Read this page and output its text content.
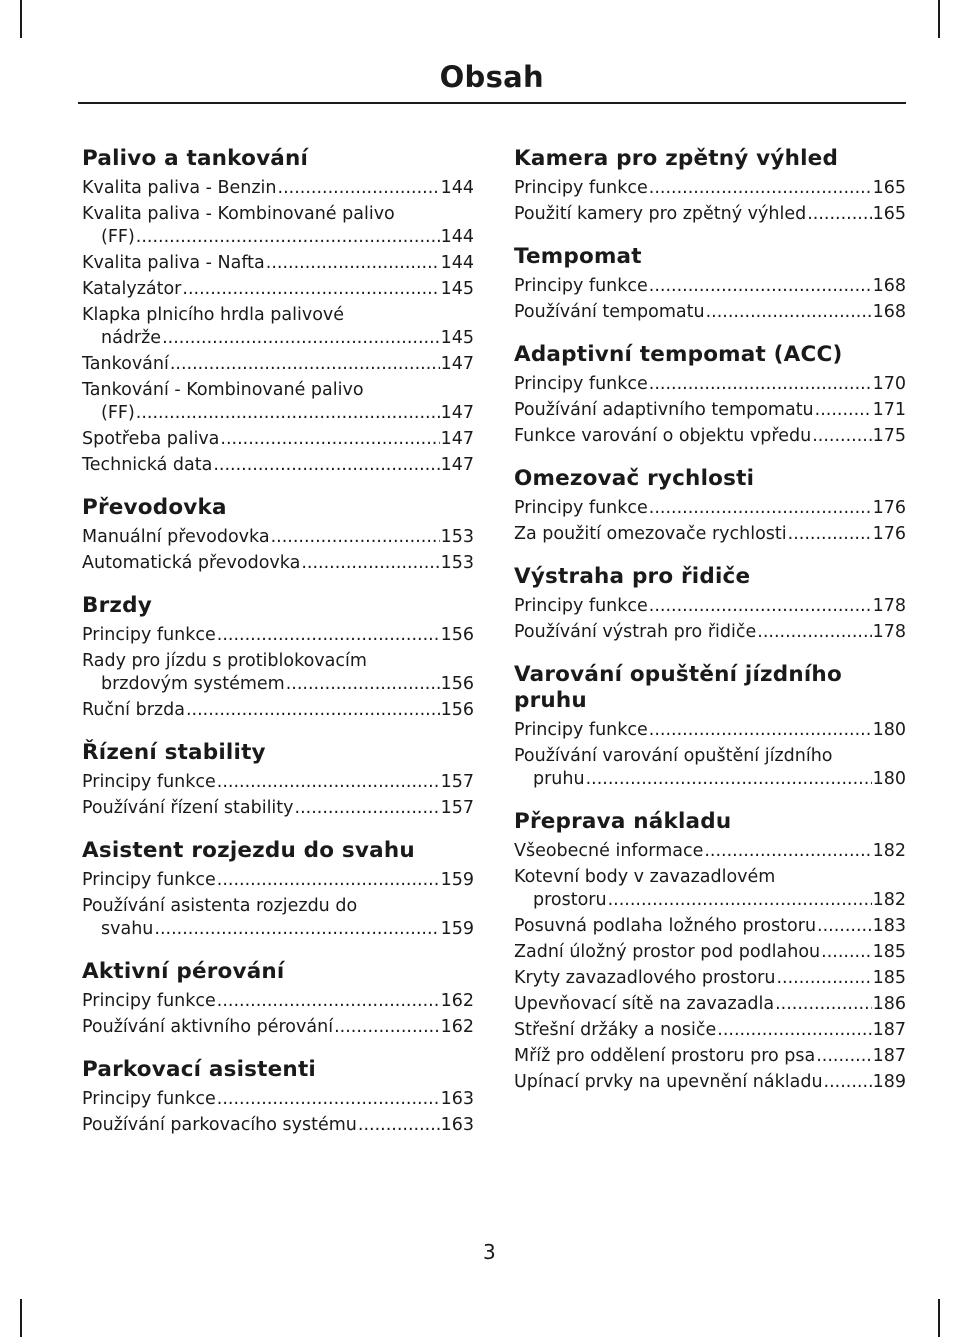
Obsah
Palivo a tankování
Kvalita paliva - Benzin .....	144
Kvalita paliva - Kombinované palivo
(FF) .....	144
Kvalita paliva - Nafta .....	144
Katalyzátor .....	145
Klapka plnicího hrdla palivové
nádrže .....	145
Tankování .....	147
Tankování - Kombinované palivo
(FF) .....	147
Spotřeba paliva .....	147
Technická data .....	147
Převodovka
Manuální převodovka .....	153
Automatická převodovka .....	153
Brzdy
Principy funkce .....	156
Rady pro jízdu s protiblokovacím
brzdovým systémem .....	156
Ruční brzda .....	156
Řízení stability
Principy funkce .....	157
Používání řízení stability .....	157
Asistent rozjezdu do svahu
Principy funkce .....	159
Používání asistenta rozjezdu do
svahu .....	159
Aktivní pérování
Principy funkce .....	162
Používání aktivního pérování .....	162
Parkovací asistenti
Principy funkce .....	163
Používání parkovacího systému .....	163
Kamera pro zpětný výhled
Principy funkce .....	165
Použití kamery pro zpětný výhled .....	165
Tempomat
Principy funkce .....	168
Používání tempomatu .....	168
Adaptivní tempomat (ACC)
Principy funkce .....	170
Používání adaptivního tempomatu .....	171
Funkce varování o objektu vpředu .....	175
Omezovač rychlosti
Principy funkce .....	176
Za použití omezovače rychlosti .....	176
Výstraha pro řidiče
Principy funkce .....	178
Používání výstrah pro řidiče .....	178
Varování opuštění jízdního pruhu
Principy funkce .....	180
Používání varování opuštění jízdního
pruhu .....	180
Přeprava nákladu
Všeobecné informace .....	182
Kotevní body v zavazadlovém
prostoru .....	182
Posuvná podlaha ložného prostoru .....	183
Zadní úložný prostor pod podlahou .....	185
Kryty zavazadlového prostoru .....	185
Upevňovací sítě na zavazadla .....	186
Střešní držáky a nosiče .....	187
Mříž pro oddělení prostoru pro psa .....	187
Upínací prvky na upevnění nákladu .....	189

3
